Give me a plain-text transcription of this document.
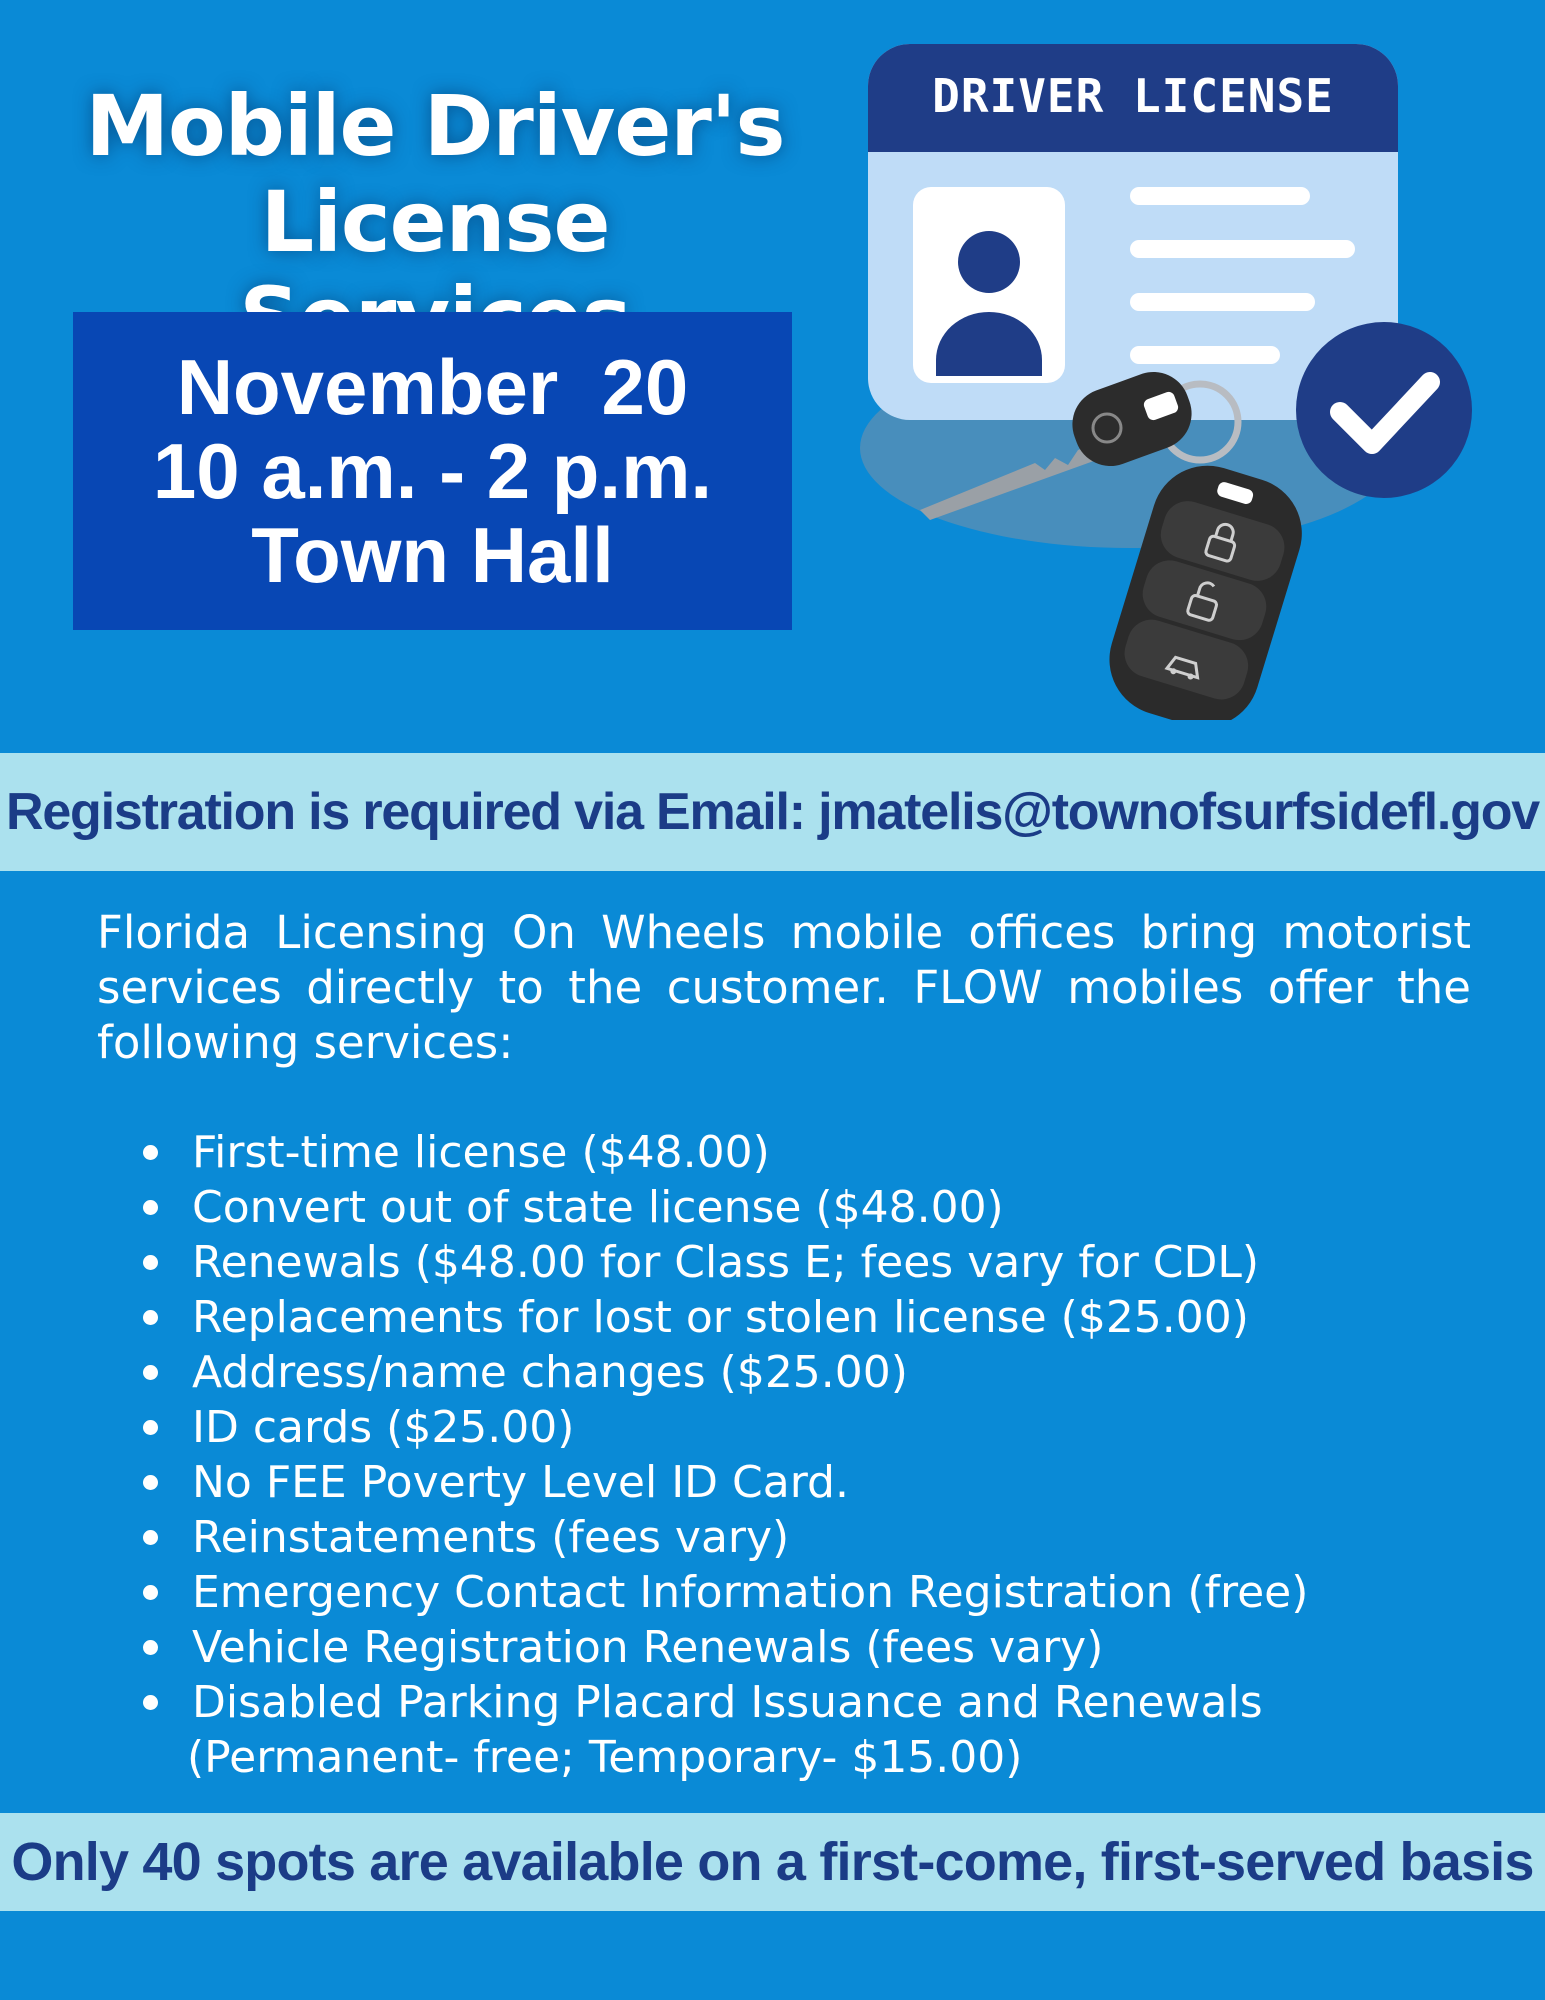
Mobile Driver's
License
November  20
10 a.m. - 2 p.m.
Town Hall
DRIVER LICENSE
Registration is required via Email: jmatelis@townofsurfsidefl.gov
Florida Licensing On Wheels mobile offices bring motorist services directly to the customer. FLOW mobiles offer the following services:
First-time license ($48.00)
Convert out of state license ($48.00)
Renewals ($48.00 for Class E; fees vary for CDL)
Replacements for lost or stolen license ($25.00)
Address/name changes ($25.00)
ID cards ($25.00)
No FEE Poverty Level ID Card.
Reinstatements (fees vary)
Emergency Contact Information Registration (free)
Vehicle Registration Renewals (fees vary)
Disabled Parking Placard Issuance and Renewals
(Permanent- free; Temporary- $15.00)
Only 40 spots are available on a first-come, first-served basis
